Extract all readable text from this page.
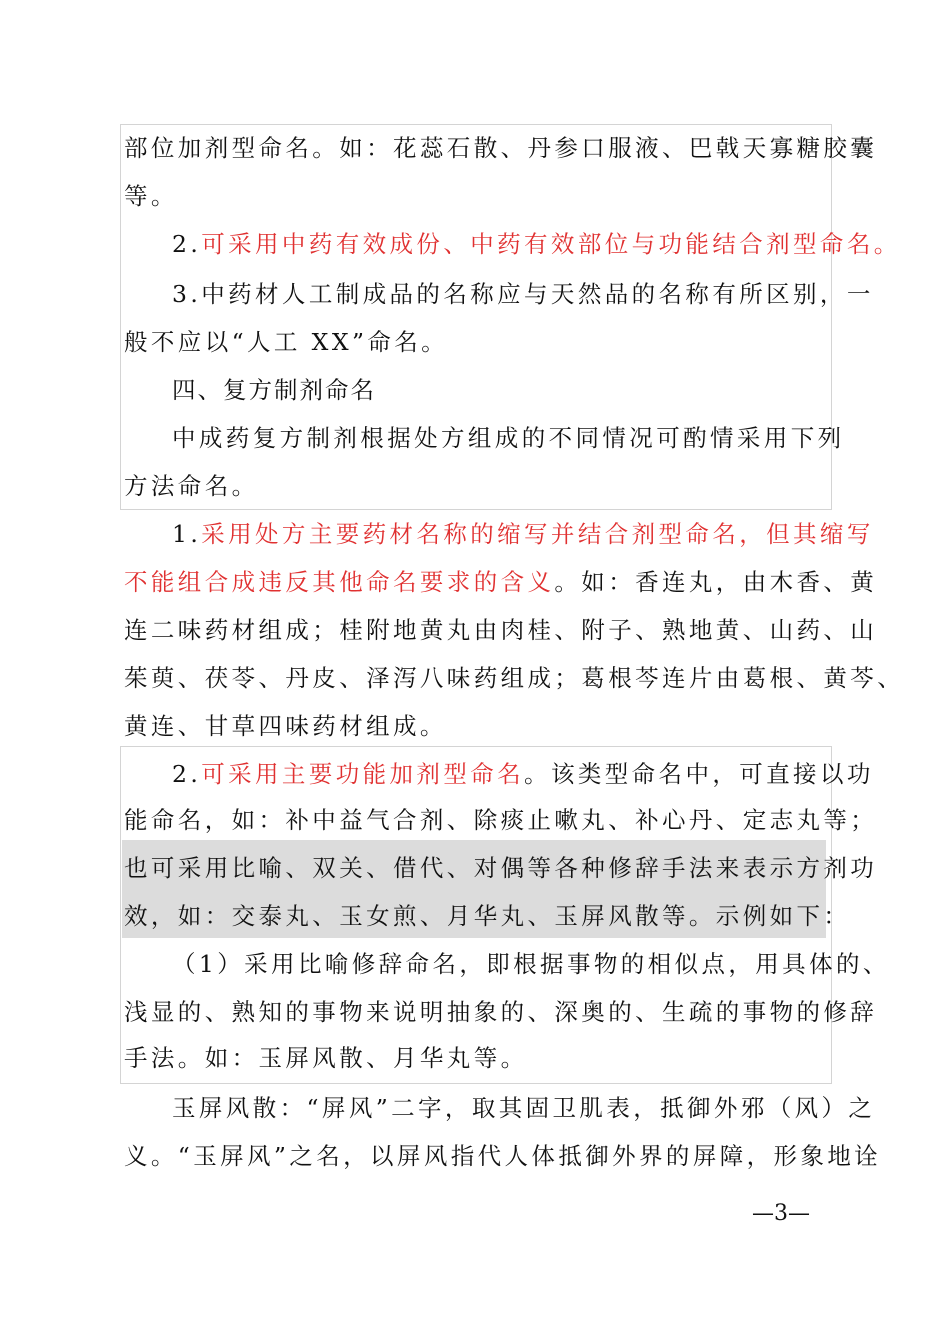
部位加剂型命名。如：花蕊石散、丹参口服液、巴戟天寡糖胶囊
等。
2.可采用中药有效成份、中药有效部位与功能结合剂型命名。
3.中药材人工制成品的名称应与天然品的名称有所区别，一
般不应以“人工 XX”命名。
四、复方制剂命名
中成药复方制剂根据处方组成的不同情况可酌情采用下列
方法命名。
1.采用处方主要药材名称的缩写并结合剂型命名，但其缩写
不能组合成违反其他命名要求的含义。如：香连丸，由木香、黄
连二味药材组成；桂附地黄丸由肉桂、附子、熟地黄、山药、山
茱萸、茯苓、丹皮、泽泻八味药组成；葛根芩连片由葛根、黄芩、
黄连、甘草四味药材组成。
2.可采用主要功能加剂型命名。该类型命名中，可直接以功
能命名，如：补中益气合剂、除痰止嗽丸、补心丹、定志丸等；
也可采用比喻、双关、借代、对偶等各种修辞手法来表示方剂功
效，如：交泰丸、玉女煎、月华丸、玉屏风散等。示例如下：
（1）采用比喻修辞命名，即根据事物的相似点，用具体的、
浅显的、熟知的事物来说明抽象的、深奥的、生疏的事物的修辞
手法。如：玉屏风散、月华丸等。
玉屏风散：“屏风”二字，取其固卫肌表，抵御外邪（风）之
义。“玉屏风”之名，以屏风指代人体抵御外界的屏障，形象地诠
—3—
